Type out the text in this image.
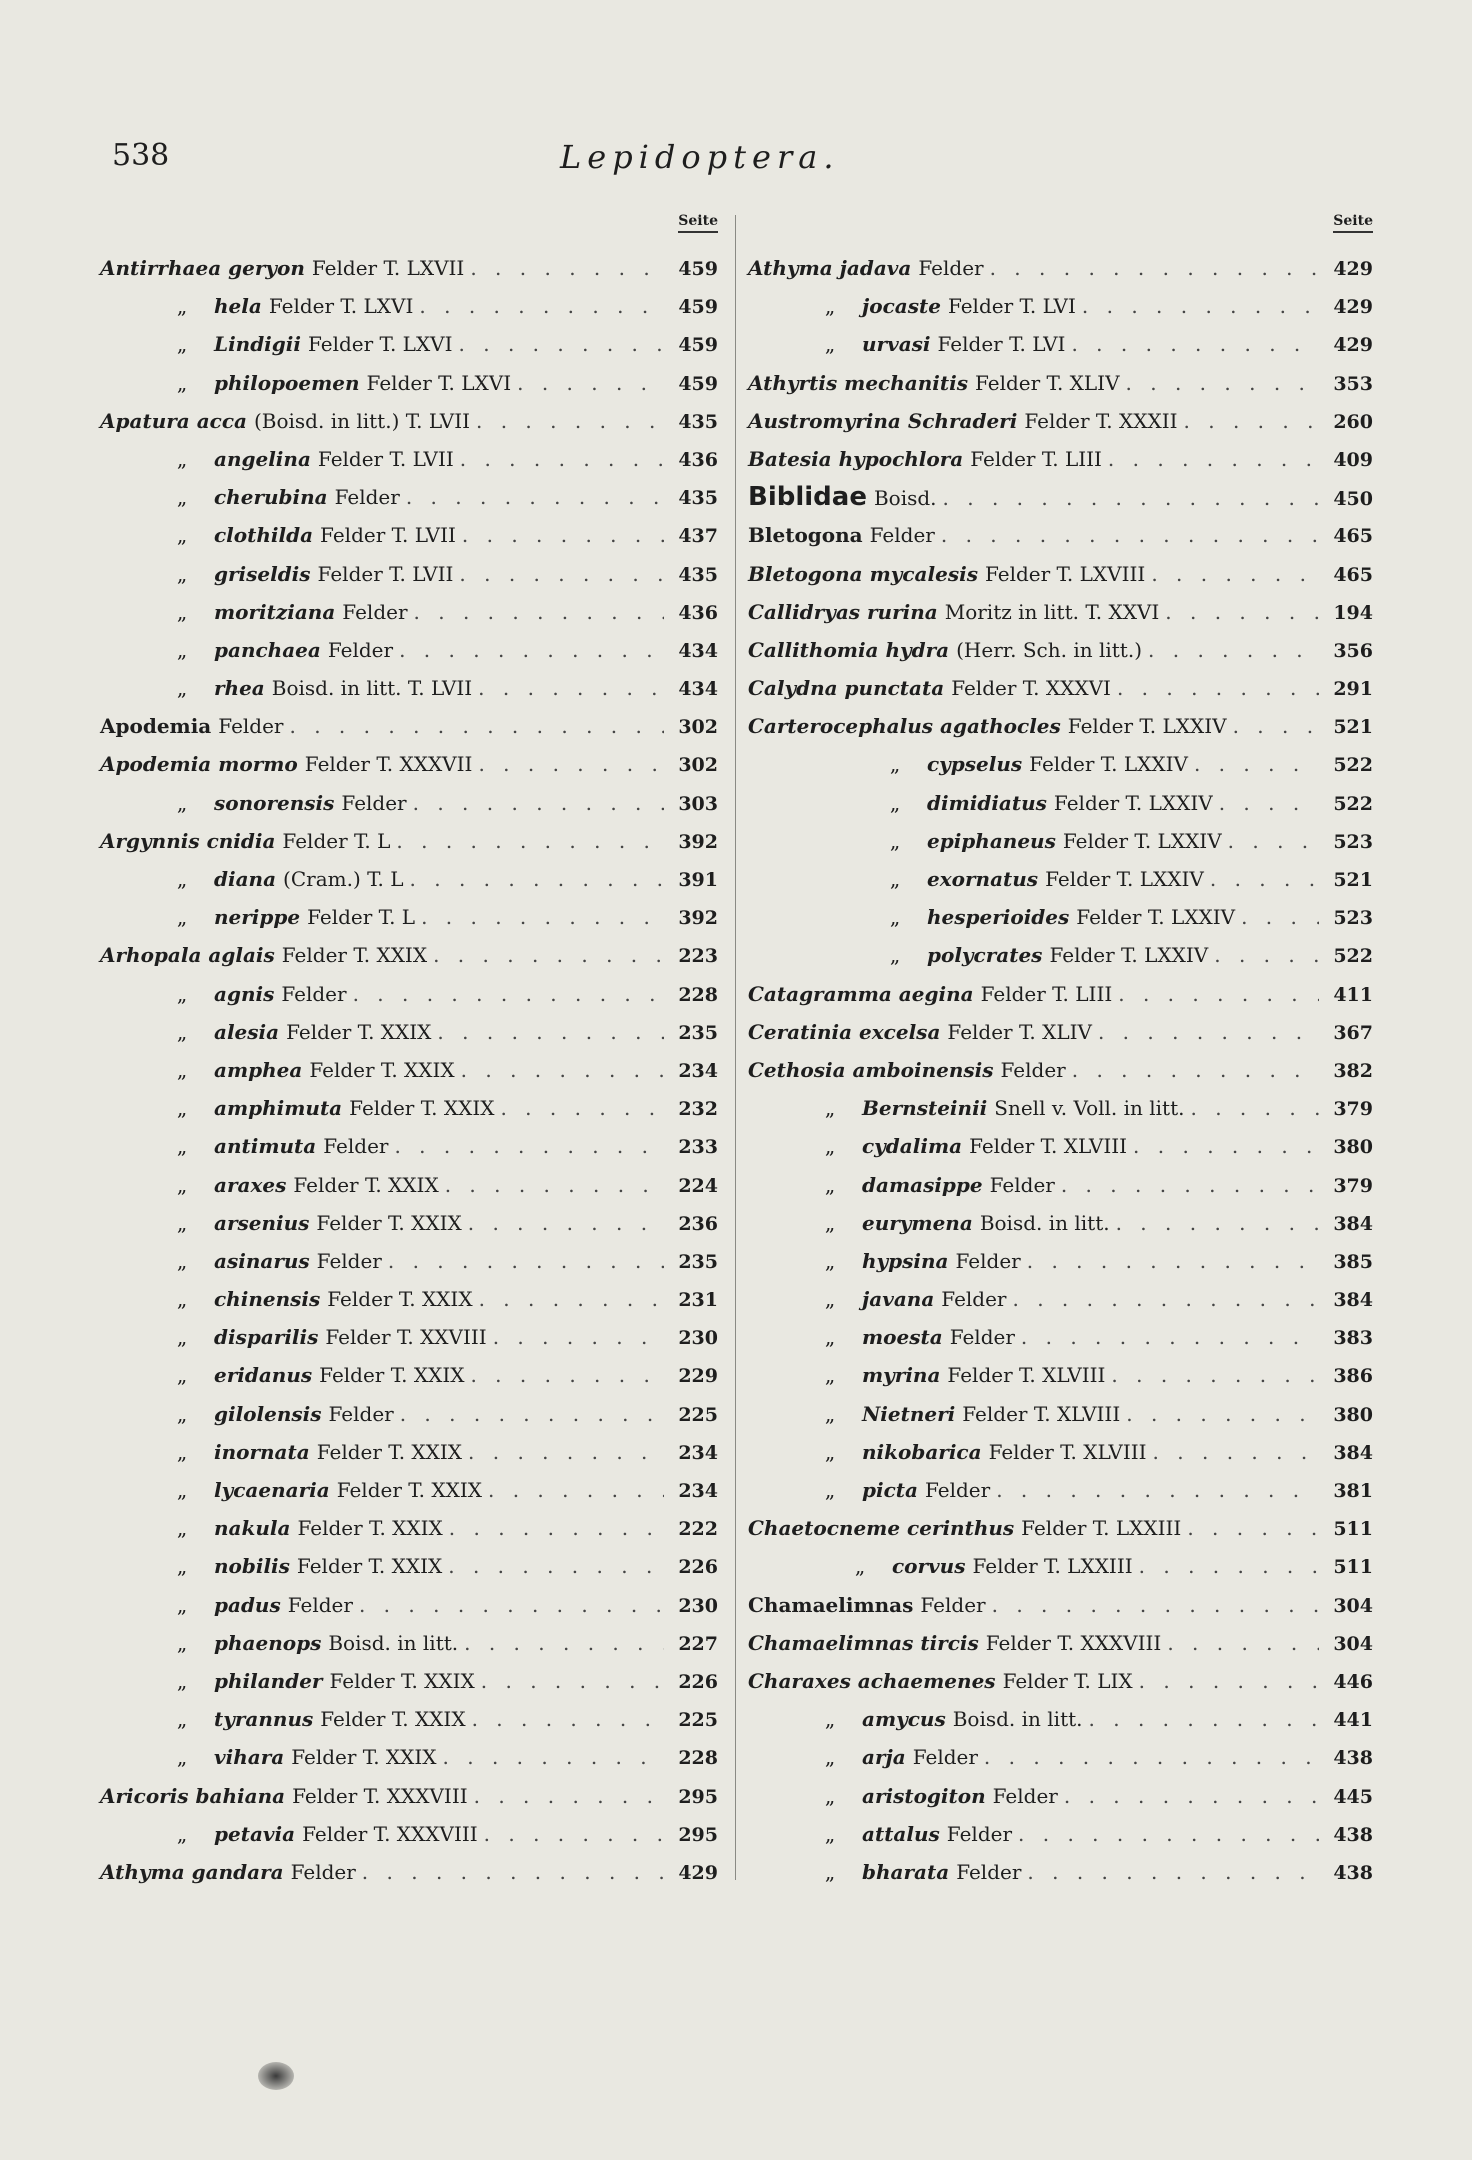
538	Lepidoptera.
Seite
Antirrhaea geryon Felder T. LXVII . . .	459
„	hela Felder T. LXVI . . .	459
„	Lindigii Felder T. LXVI . . .	459
„	philopoemen Felder T. LXVI . . .	459
Apatura acca (Boisd. in litt.) T. LVII . . .	435
„	angelina Felder T. LVII . . .	436
„	cherubina Felder . . .	435
„	clothilda Felder T. LVII . . .	437
„	griseldis Felder T. LVII . . .	435
„	moritziana Felder . . .	436
„	panchaea Felder . . .	434
„	rhea Boisd. in litt. T. LVII . . .	434
Apodemia Felder . . .	302
Apodemia mormo Felder T. XXXVII . . .	302
„	sonorensis Felder . . .	303
Argynnis cnidia Felder T. L . . .	392
„	diana (Cram.) T. L . . .	391
„	nerippe Felder T. L . . .	392
Arhopala aglais Felder T. XXIX . . .	223
„	agnis Felder . . .	228
„	alesia Felder T. XXIX . . .	235
„	amphea Felder T. XXIX . . .	234
„	amphimuta Felder T. XXIX . . .	232
„	antimuta Felder . . .	233
„	araxes Felder T. XXIX . . .	224
„	arsenius Felder T. XXIX . . .	236
„	asinarus Felder . . .	235
„	chinensis Felder T. XXIX . . .	231
„	disparilis Felder T. XXVIII . . .	230
„	eridanus Felder T. XXIX . . .	229
„	gilolensis Felder . . .	225
„	inornata Felder T. XXIX . . .	234
„	lycaenaria Felder T. XXIX . . .	234
„	nakula Felder T. XXIX . . .	222
„	nobilis Felder T. XXIX . . .	226
„	padus Felder . . .	230
„	phaenops Boisd. in litt. . . .	227
„	philander Felder T. XXIX . . .	226
„	tyrannus Felder T. XXIX . . .	225
„	vihara Felder T. XXIX . . .	228
Aricoris bahiana Felder T. XXXVIII . . .	295
„	petavia Felder T. XXXVIII . . .	295
Athyma gandara Felder . . .	429
Seite
Athyma jadava Felder . . .	429
„	jocaste Felder T. LVI . . .	429
„	urvasi Felder T. LVI . . .	429
Athyrtis mechanitis Felder T. XLIV . . .	353
Austromyrina Schraderi Felder T. XXXII . . .	260
Batesia hypochlora Felder T. LIII . . .	409
Biblidae Boisd. . . .	450
Bletogona Felder . . .	465
Bletogona mycalesis Felder T. LXVIII . . .	465
Callidryas rurina Moritz in litt. T. XXVI . . .	194
Callithomia hydra (Herr. Sch. in litt.) . . .	356
Calydna punctata Felder T. XXXVI . . .	291
Carterocephalus agathocles Felder T. LXXIV . . .	521
„	cypselus Felder T. LXXIV . . .	522
„	dimidiatus Felder T. LXXIV . . .	522
„	epiphaneus Felder T. LXXIV . . .	523
„	exornatus Felder T. LXXIV . . .	521
„	hesperioides Felder T. LXXIV . . .	523
„	polycrates Felder T. LXXIV . . .	522
Catagramma aegina Felder T. LIII . . .	411
Ceratinia excelsa Felder T. XLIV . . .	367
Cethosia amboinensis Felder . . .	382
„	Bernsteinii Snell v. Voll. in litt. . . .	379
„	cydalima Felder T. XLVIII . . .	380
„	damasippe Felder . . .	379
„	eurymena Boisd. in litt. . . .	384
„	hypsina Felder . . .	385
„	javana Felder . . .	384
„	moesta Felder . . .	383
„	myrina Felder T. XLVIII . . .	386
„	Nietneri Felder T. XLVIII . . .	380
„	nikobarica Felder T. XLVIII . . .	384
„	picta Felder . . .	381
Chaetocneme cerinthus Felder T. LXXIII . . .	511
„	corvus Felder T. LXXIII . . .	511
Chamaelimnas Felder . . .	304
Chamaelimnas tircis Felder T. XXXVIII . . .	304
Charaxes achaemenes Felder T. LIX . . .	446
„	amycus Boisd. in litt. . . .	441
„	arja Felder . . .	438
„	aristogiton Felder . . .	445
„	attalus Felder . . .	438
„	bharata Felder . . .	438
